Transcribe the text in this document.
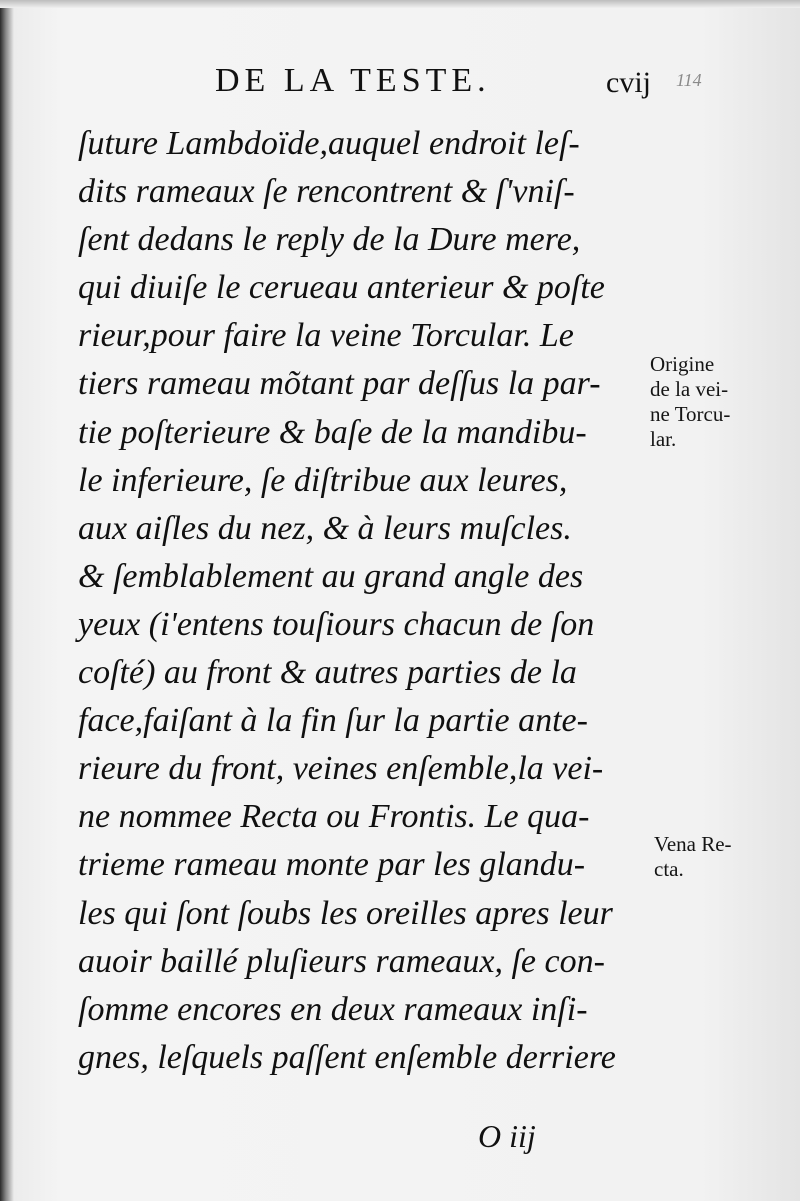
DE LA TESTE.	cvij 114
ſuture Lambdoïde,auquel endroit leſ-
dits rameaux ſe rencontrent & ſ'vniſ-
ſent dedans le reply de la Dure mere,
qui diuiſe le cerueau anterieur & poſte
rieur,pour faire la veine Torcular. Le
tiers rameau mõtant par deſſus la par-
tie poſterieure & baſe de la mandibu-
le inferieure, ſe diſtribue aux leures,
aux aiſles du nez, & à leurs muſcles.
& ſemblablement au grand angle des
yeux (i'entens touſiours chacun de ſon
coſté) au front & autres parties de la
face,faiſant à la fin ſur la partie ante-
rieure du front, veines enſemble,la vei-
ne nommee Recta ou Frontis. Le qua-
trieme rameau monte par les glandu-
les qui ſont ſoubs les oreilles apres leur
auoir baillé pluſieurs rameaux, ſe con-
ſomme encores en deux rameaux inſi-
gnes, leſquels paſſent enſemble derriere
Origine
de la vei-
ne Torcu-
lar.
Vena Re-
cta.
O iij
